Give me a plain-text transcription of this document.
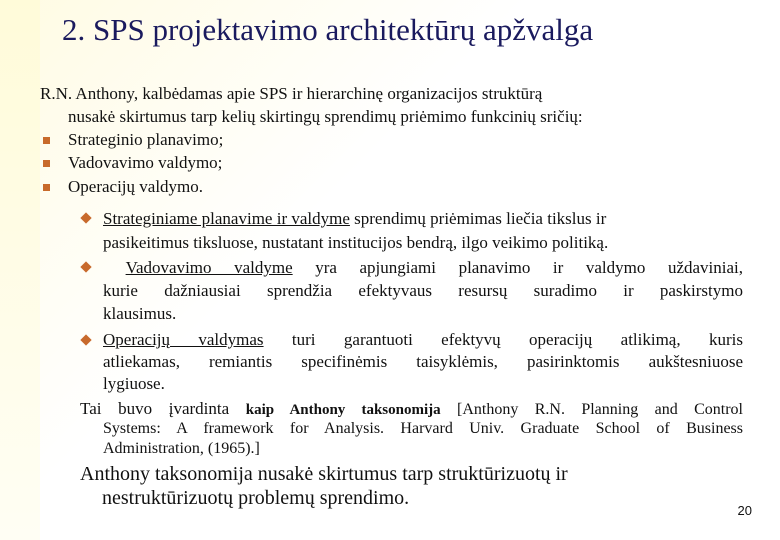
2. SPS projektavimo architektūrų apžvalga
R.N. Anthony, kalbėdamas apie SPS ir hierarchinę organizacijos struktūrą
nusakė skirtumus tarp kelių skirtingų sprendimų priėmimo funkcinių sričių:
Strateginio planavimo;
Vadovavimo valdymo;
Operacijų valdymo.
Strateginiame planavime ir valdyme sprendimų priėmimas liečia tikslus ir
pasikeitimus tiksluose, nustatant institucijos bendrą, ilgo veikimo politiką.
Vadovavimo valdyme yra apjungiami planavimo ir valdymo uždaviniai,
kurie dažniausiai sprendžia efektyvaus resursų suradimo ir paskirstymo
klausimus.
Operacijų valdymas turi garantuoti efektyvų operacijų atlikimą, kuris
atliekamas, remiantis specifinėmis taisyklėmis, pasirinktomis aukštesniuose
lygiuose.
Tai buvo įvardinta kaip Anthony taksonomija [Anthony R.N. Planning and Control
Systems: A framework for Analysis. Harvard Univ. Graduate School of Business
Administration, (1965).]
Anthony taksonomija nusakė skirtumus tarp struktūrizuotų ir
nestruktūrizuotų problemų sprendimo.
20
